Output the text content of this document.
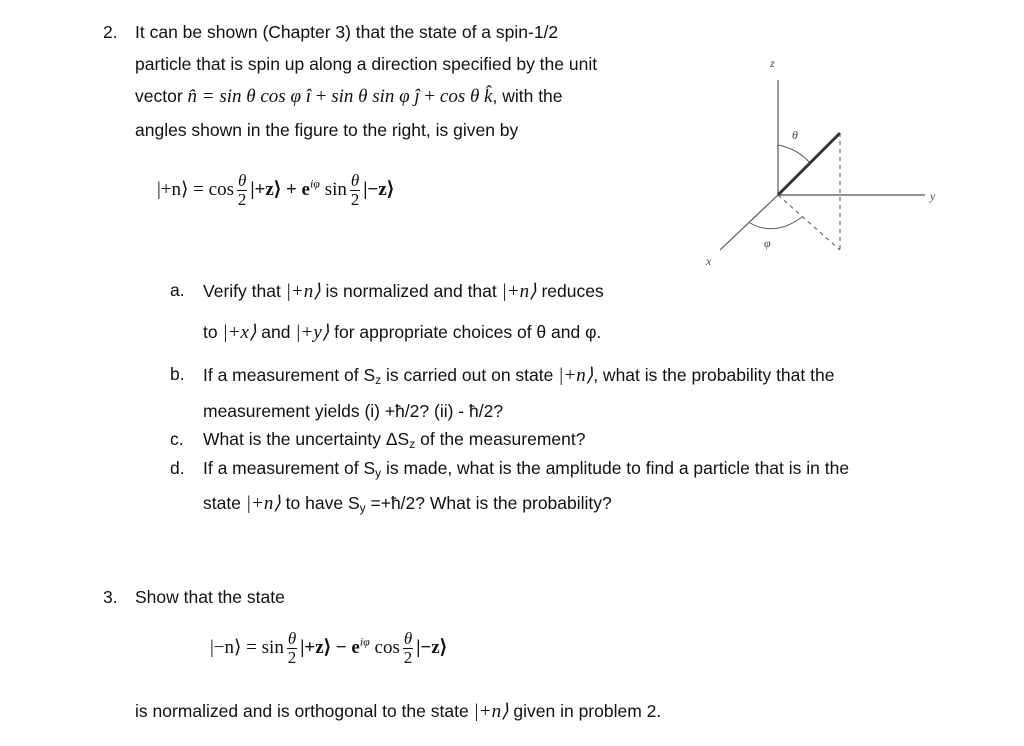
2. It can be shown (Chapter 3) that the state of a spin-1/2
particle that is spin up along a direction specified by the unit
vector n̂ = sin θ cos φ î + sin θ sin φ ĵ + cos θ k̂, with the
angles shown in the figure to the right, is given by
|+n⟩ = $\cos \frac{\theta}{2}$ |+z⟩ + $e^{i\varphi}$ $\sin \frac{\theta}{2}$ |−z⟩
z
y
x
θ
φ
a. Verify that |+n⟩ is normalized and that |+n⟩ reduces
to |+x⟩ and |+y⟩ for appropriate choices of θ and φ.
b. If a measurement of $S_z$ is carried out on state |+n⟩, what is the probability that the
measurement yields (i) +ħ/2? (ii) - ħ/2?
c. What is the uncertainty $\Delta S_z$ of the measurement?
d. If a measurement of $S_y$ is made, what is the amplitude to find a particle that is in the
state |+n⟩ to have $S_y$ =+ħ/2? What is the probability?
3. Show that the state
|−n⟩ = $\sin \frac{\theta}{2}$ |+z⟩ − $e^{i\varphi}$ $\cos \frac{\theta}{2}$ |−z⟩
is normalized and is orthogonal to the state |+n⟩ given in problem 2.
